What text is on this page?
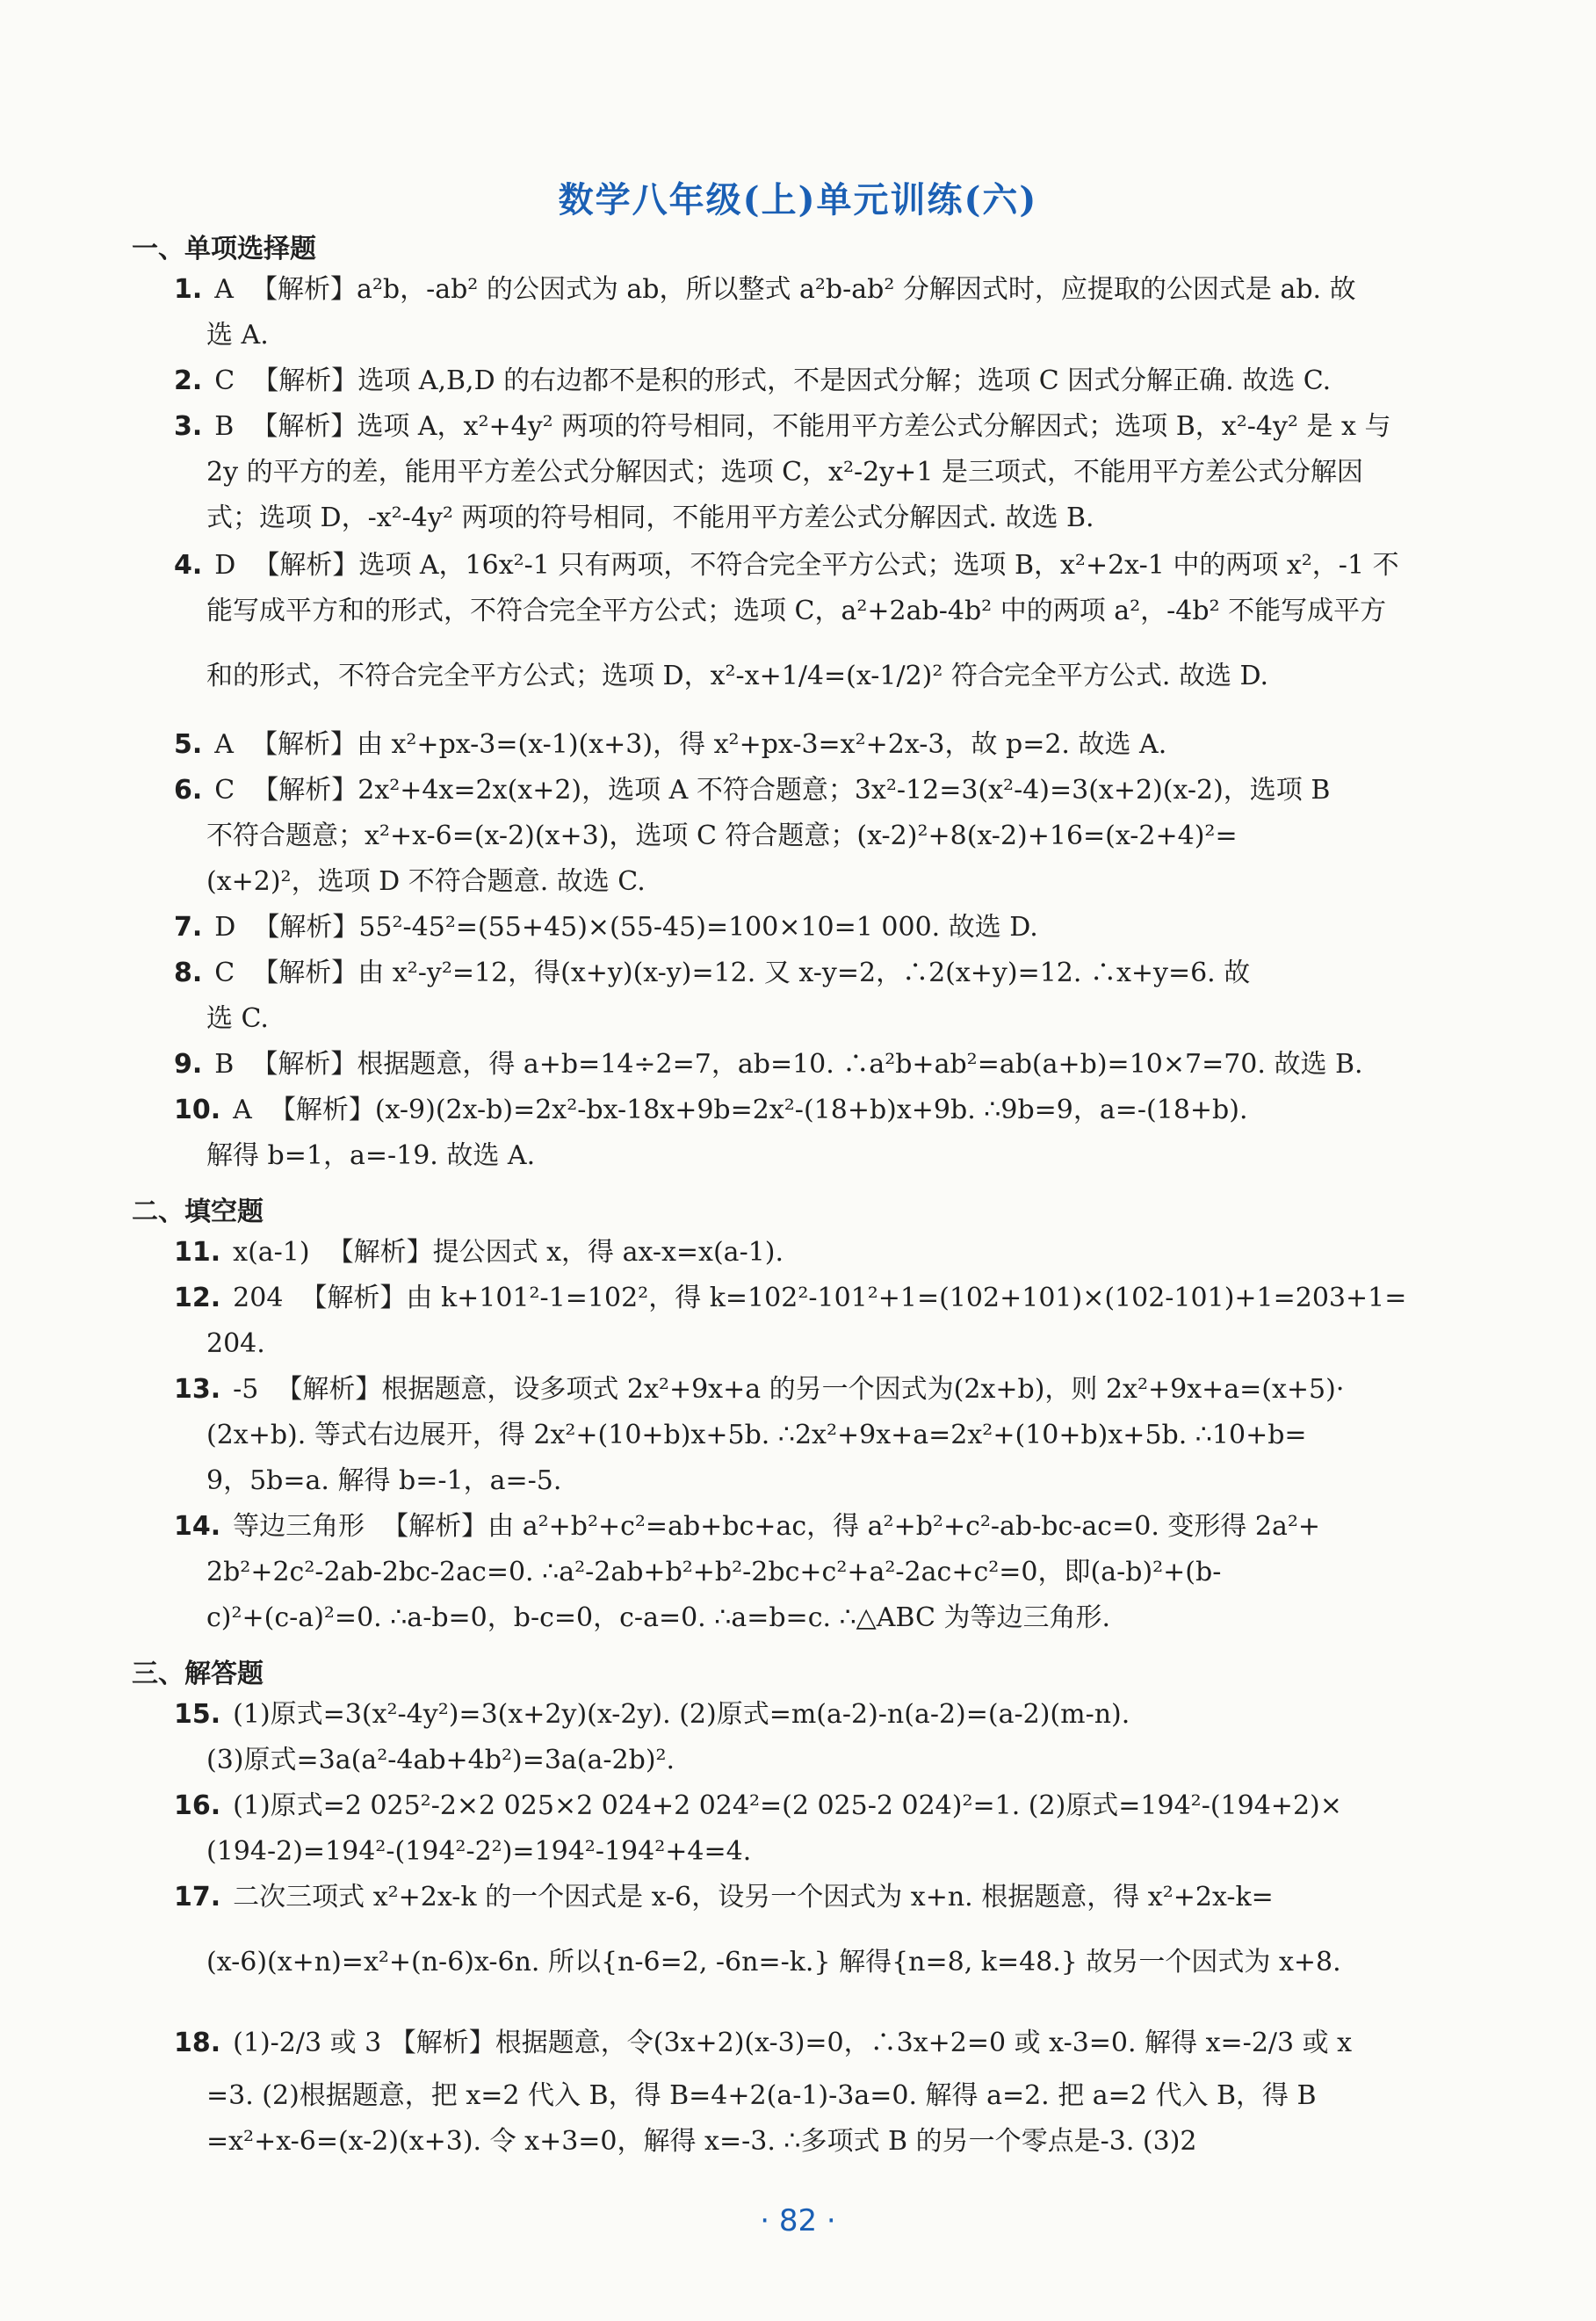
数学八年级(上)单元训练(六)
一、单项选择题
1. A 【解析】a²b，-ab² 的公因式为 ab，所以整式 a²b-ab² 分解因式时，应提取的公因式是 ab. 故
选 A.
2. C 【解析】选项 A,B,D 的右边都不是积的形式，不是因式分解；选项 C 因式分解正确. 故选 C.
3. B 【解析】选项 A，x²+4y² 两项的符号相同，不能用平方差公式分解因式；选项 B，x²-4y² 是 x 与
2y 的平方的差，能用平方差公式分解因式；选项 C，x²-2y+1 是三项式，不能用平方差公式分解因
式；选项 D，-x²-4y² 两项的符号相同，不能用平方差公式分解因式. 故选 B.
4. D 【解析】选项 A，16x²-1 只有两项，不符合完全平方公式；选项 B，x²+2x-1 中的两项 x²，-1 不
能写成平方和的形式，不符合完全平方公式；选项 C，a²+2ab-4b² 中的两项 a²，-4b² 不能写成平方
和的形式，不符合完全平方公式；选项 D，x²-x+1/4=(x-1/2)² 符合完全平方公式. 故选 D.
5. A 【解析】由 x²+px-3=(x-1)(x+3)，得 x²+px-3=x²+2x-3，故 p=2. 故选 A.
6. C 【解析】2x²+4x=2x(x+2)，选项 A 不符合题意；3x²-12=3(x²-4)=3(x+2)(x-2)，选项 B
不符合题意；x²+x-6=(x-2)(x+3)，选项 C 符合题意；(x-2)²+8(x-2)+16=(x-2+4)²=
(x+2)²，选项 D 不符合题意. 故选 C.
7. D 【解析】55²-45²=(55+45)×(55-45)=100×10=1 000. 故选 D.
8. C 【解析】由 x²-y²=12，得(x+y)(x-y)=12. 又 x-y=2，∴2(x+y)=12. ∴x+y=6. 故
选 C.
9. B 【解析】根据题意，得 a+b=14÷2=7，ab=10. ∴a²b+ab²=ab(a+b)=10×7=70. 故选 B.
10. A 【解析】(x-9)(2x-b)=2x²-bx-18x+9b=2x²-(18+b)x+9b. ∴9b=9，a=-(18+b).
解得 b=1，a=-19. 故选 A.
二、填空题
11. x(a-1) 【解析】提公因式 x，得 ax-x=x(a-1).
12. 204 【解析】由 k+101²-1=102²，得 k=102²-101²+1=(102+101)×(102-101)+1=203+1=
204.
13. -5 【解析】根据题意，设多项式 2x²+9x+a 的另一个因式为(2x+b)，则 2x²+9x+a=(x+5)·
(2x+b). 等式右边展开，得 2x²+(10+b)x+5b. ∴2x²+9x+a=2x²+(10+b)x+5b. ∴10+b=
9，5b=a. 解得 b=-1，a=-5.
14. 等边三角形 【解析】由 a²+b²+c²=ab+bc+ac，得 a²+b²+c²-ab-bc-ac=0. 变形得 2a²+
2b²+2c²-2ab-2bc-2ac=0. ∴a²-2ab+b²+b²-2bc+c²+a²-2ac+c²=0，即(a-b)²+(b-
c)²+(c-a)²=0. ∴a-b=0，b-c=0，c-a=0. ∴a=b=c. ∴△ABC 为等边三角形.
三、解答题
15. (1)原式=3(x²-4y²)=3(x+2y)(x-2y). (2)原式=m(a-2)-n(a-2)=(a-2)(m-n).
(3)原式=3a(a²-4ab+4b²)=3a(a-2b)².
16. (1)原式=2 025²-2×2 025×2 024+2 024²=(2 025-2 024)²=1. (2)原式=194²-(194+2)×
(194-2)=194²-(194²-2²)=194²-194²+4=4.
17. 二次三项式 x²+2x-k 的一个因式是 x-6，设另一个因式为 x+n. 根据题意，得 x²+2x-k=
(x-6)(x+n)=x²+(n-6)x-6n. 所以{n-6=2, -6n=-k.} 解得{n=8, k=48.} 故另一个因式为 x+8.
18. (1)-2/3 或 3 【解析】根据题意，令(3x+2)(x-3)=0，∴3x+2=0 或 x-3=0. 解得 x=-2/3 或 x
=3. (2)根据题意，把 x=2 代入 B，得 B=4+2(a-1)-3a=0. 解得 a=2. 把 a=2 代入 B，得 B
=x²+x-6=(x-2)(x+3). 令 x+3=0，解得 x=-3. ∴多项式 B 的另一个零点是-3. (3)2
· 82 ·
